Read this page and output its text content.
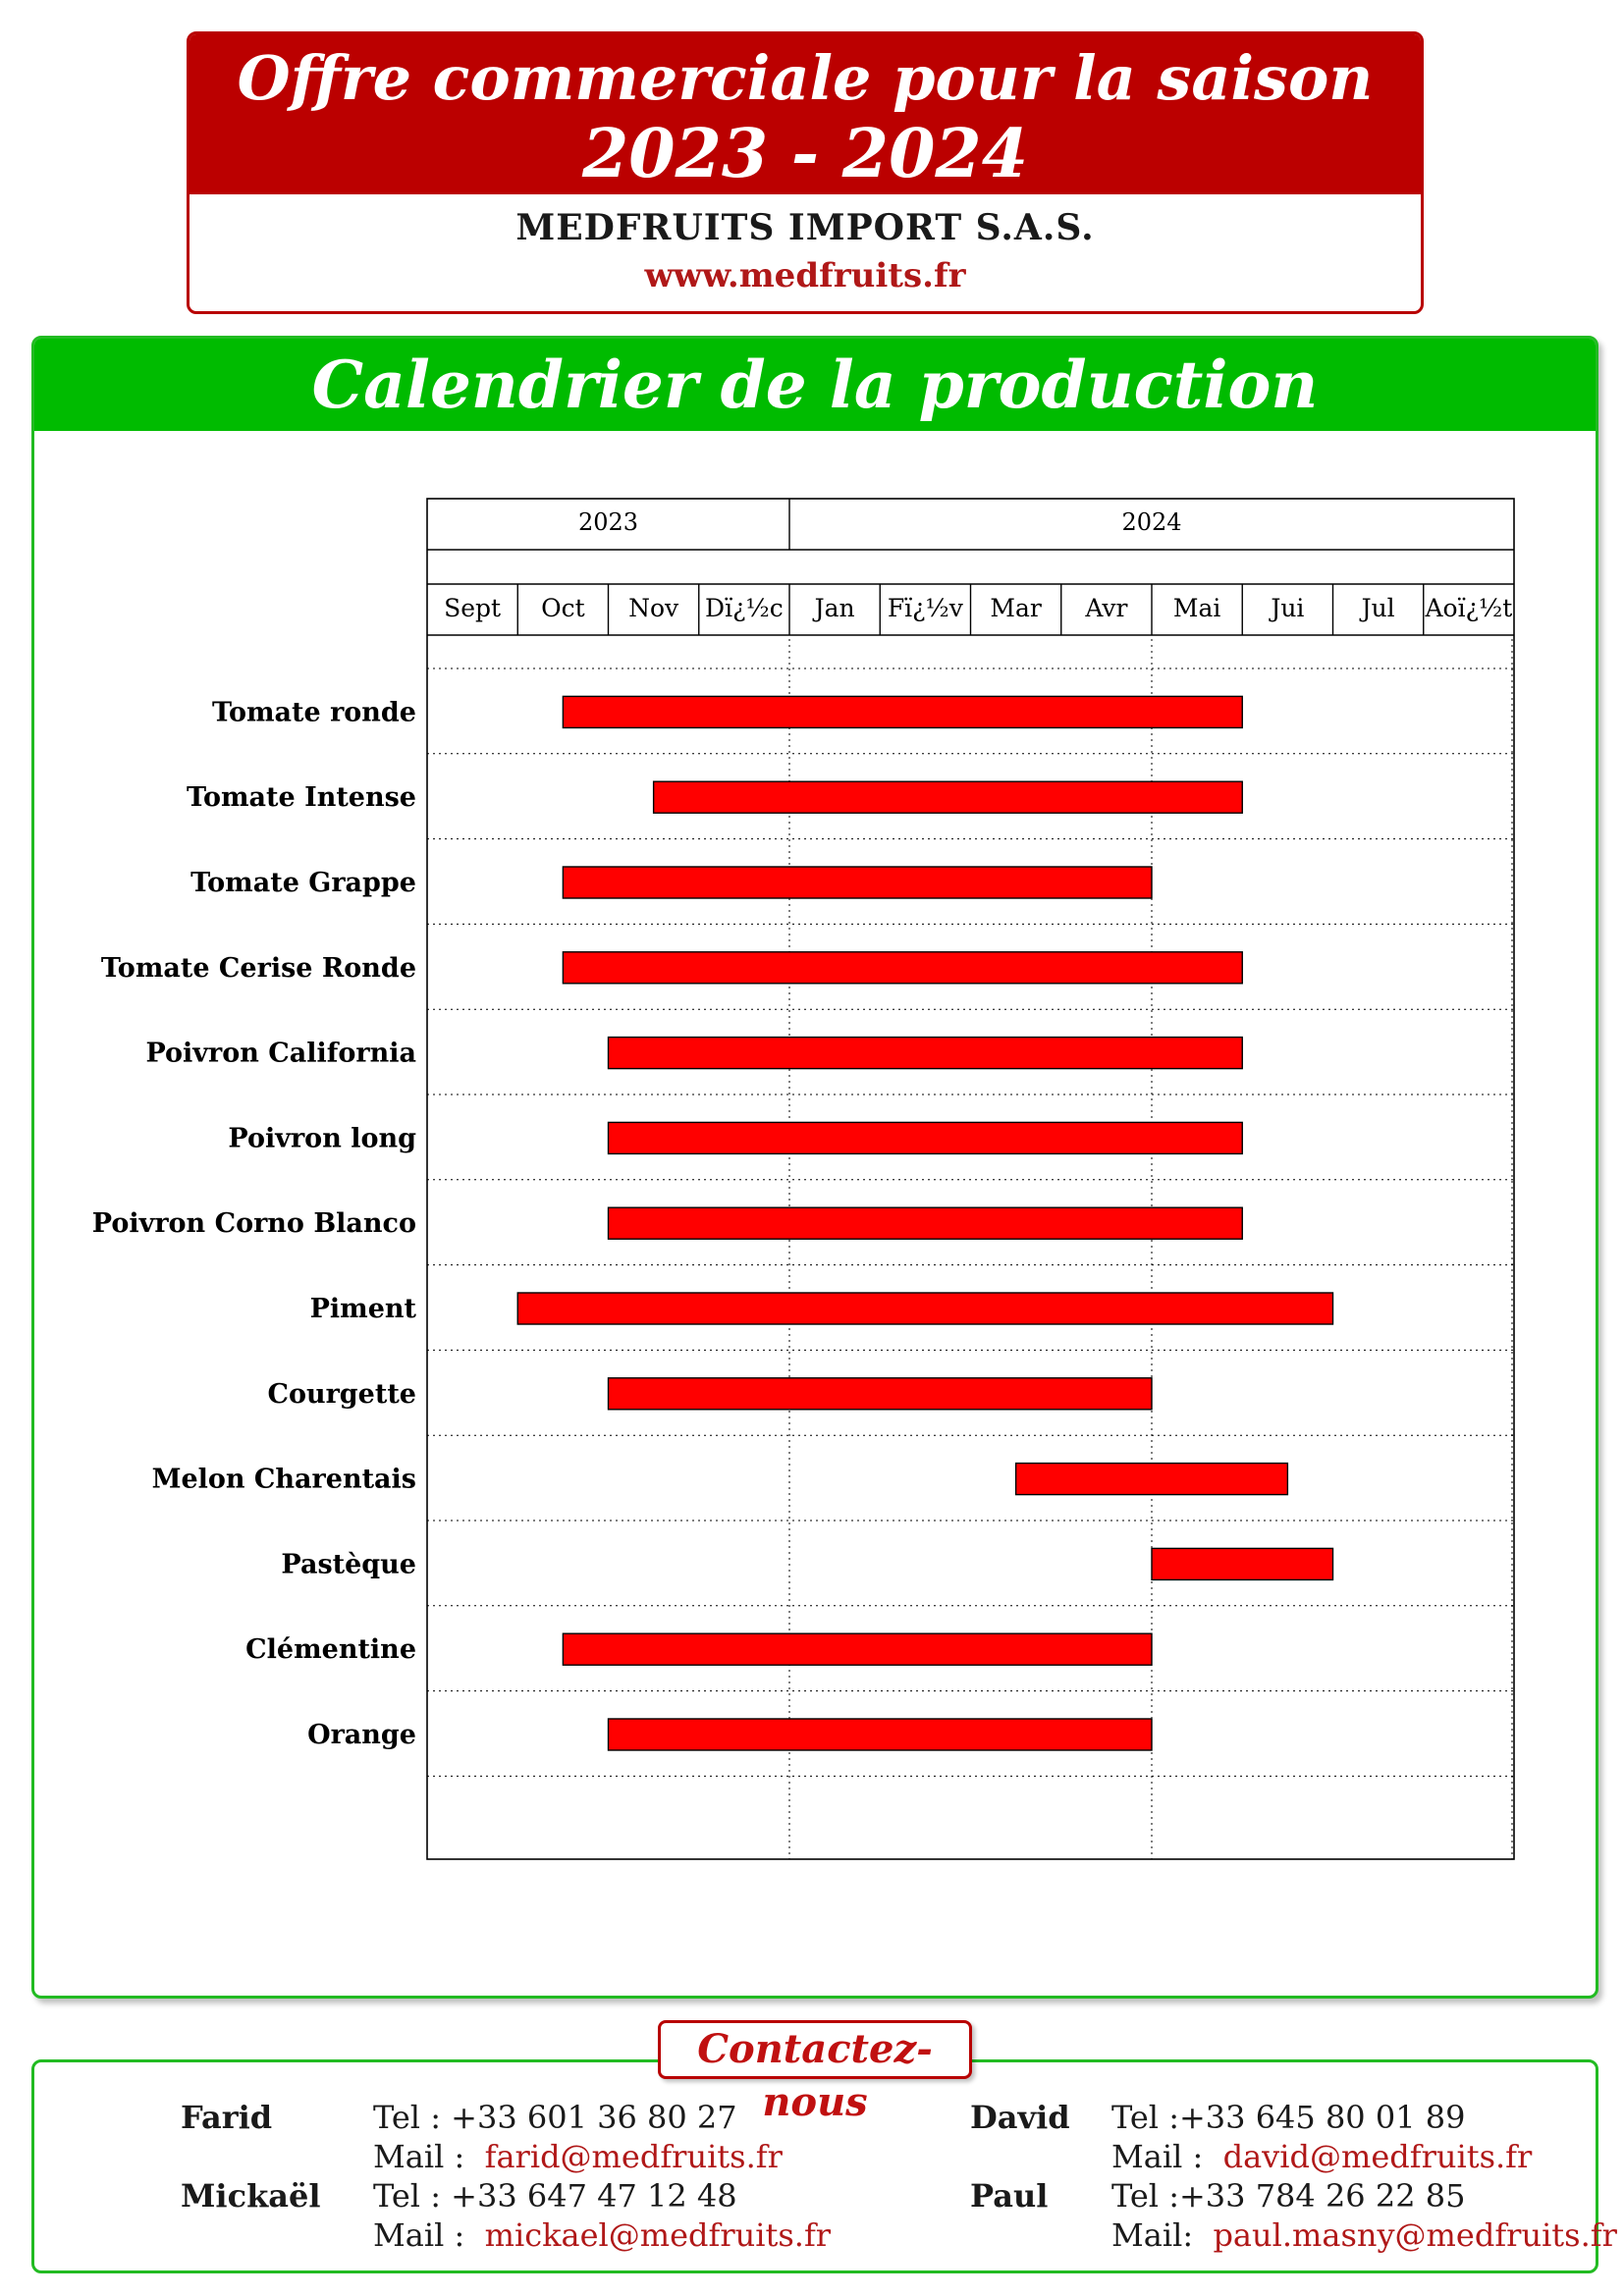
Offre commerciale pour la saison
2023 - 2024
MEDFRUITS IMPORT S.A.S.
www.medfruits.fr
Calendrier de la production
2023	2024
Sept Oct Nov Dï¿½c Jan Fï¿½v Mar Avr Mai Jui Jul Aoï¿½t
Tomate ronde
Tomate Intense
Tomate Grappe
Tomate Cerise Ronde
Poivron California
Poivron long
Poivron Corno Blanco
Piment
Courgette
Melon Charentais
Pastèque
Clémentine
Orange
Contactez-nous
Farid	Tel : +33 601 36 80 27
Mail : farid@medfruits.fr
Mickaël Tel : +33 647 47 12 48
Mail : mickael@medfruits.fr
David Tel :+33 645 80 01 89
Mail : david@medfruits.fr
Paul Tel :+33 784 26 22 85
Mail: paul.masny@medfruits.fr
